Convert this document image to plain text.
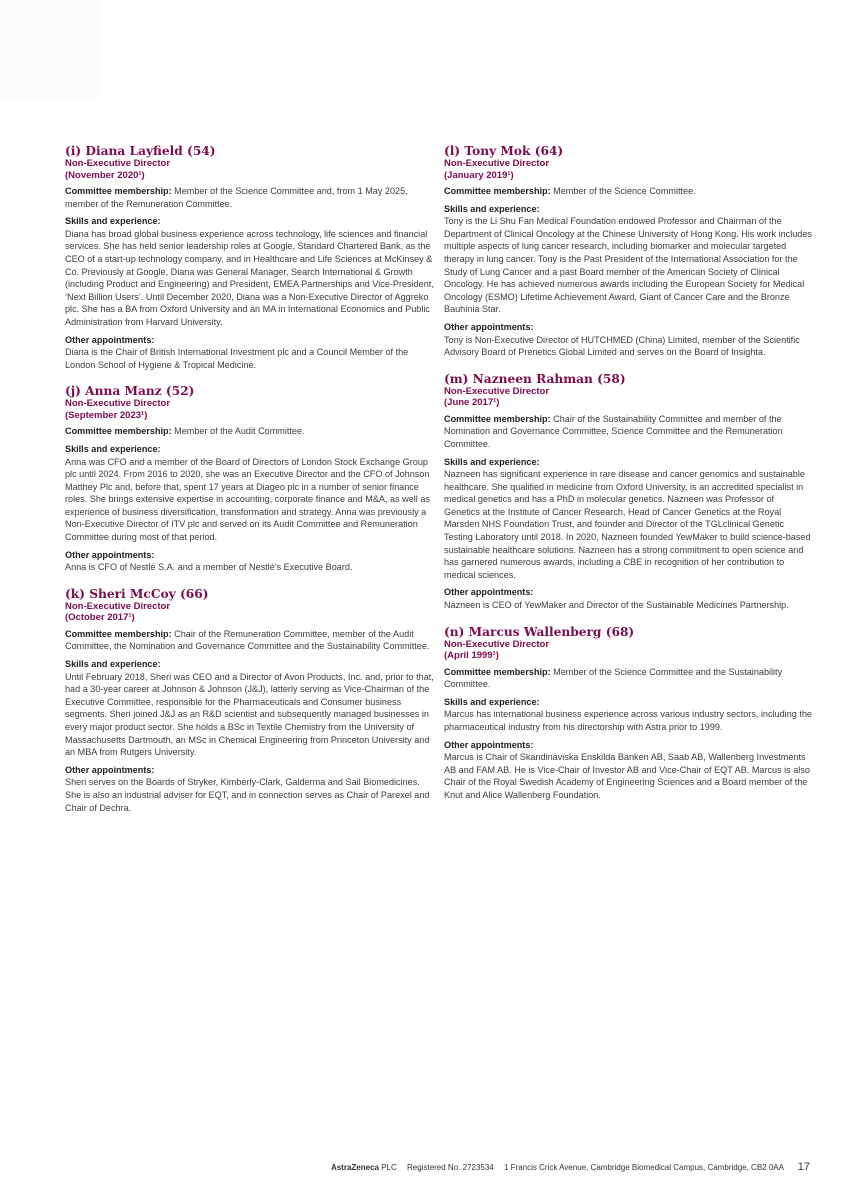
(i) Diana Layfield (54)

Non-Executive Director

(November 2020¹)

Committee membership: Member of the Science Committee and, from 1 May 2025, member of the Remuneration Committee.

Skills and experience:

Diana has broad global business experience across technology, life sciences and financial services. She has held senior leadership roles at Google, Standard Chartered Bank, as the CEO of a start-up technology company, and in Healthcare and Life Sciences at McKinsey & Co. Previously at Google, Diana was General Manager, Search International & Growth (including Product and Engineering) and President, EMEA Partnerships and Vice-President, ‘Next Billion Users’. Until December 2020, Diana was a Non-Executive Director of Aggreko plc. She has a BA from Oxford University and an MA in International Economics and Public Administration from Harvard University.

Other appointments:

Diana is the Chair of British International Investment plc and a Council Member of the London School of Hygiene & Tropical Medicine.

(j) Anna Manz (52)

Non-Executive Director

(September 2023¹)

Committee membership: Member of the Audit Committee.

Skills and experience:

Anna was CFO and a member of the Board of Directors of London Stock Exchange Group plc until 2024. From 2016 to 2020, she was an Executive Director and the CFO of Johnson Matthey Plc and, before that, spent 17 years at Diageo plc in a number of senior finance roles. She brings extensive expertise in accounting, corporate finance and M&A, as well as experience of business diversification, transformation and strategy. Anna was previously a Non-Executive Director of ITV plc and served on its Audit Committee and Remuneration Committee during most of that period.

Other appointments:

Anna is CFO of Nestlé S.A. and a member of Nestlé’s Executive Board.

(k) Sheri McCoy (66)

Non-Executive Director

(October 2017¹)

Committee membership: Chair of the Remuneration Committee, member of the Audit Committee, the Nomination and Governance Committee and the Sustainability Committee.

Skills and experience:

Until February 2018, Sheri was CEO and a Director of Avon Products, Inc. and, prior to that, had a 30-year career at Johnson & Johnson (J&J), latterly serving as Vice-Chairman of the Executive Committee, responsible for the Pharmaceuticals and Consumer business segments. Sheri joined J&J as an R&D scientist and subsequently managed businesses in every major product sector. She holds a BSc in Textile Chemistry from the University of Massachusetts Dartmouth, an MSc in Chemical Engineering from Princeton University and an MBA from Rutgers University.

Other appointments:

Sheri serves on the Boards of Stryker, Kimberly-Clark, Galderma and Sail Biomedicines. She is also an industrial adviser for EQT, and in connection serves as Chair of Parexel and Chair of Dechra.

(l) Tony Mok (64)

Non-Executive Director

(January 2019¹)

Committee membership: Member of the Science Committee.

Skills and experience:

Tony is the Li Shu Fan Medical Foundation endowed Professor and Chairman of the Department of Clinical Oncology at the Chinese University of Hong Kong. His work includes multiple aspects of lung cancer research, including biomarker and molecular targeted therapy in lung cancer. Tony is the Past President of the International Association for the Study of Lung Cancer and a past Board member of the American Society of Clinical Oncology. He has achieved numerous awards including the European Society for Medical Oncology (ESMO) Lifetime Achievement Award, Giant of Cancer Care and the Bronze Bauhinia Star.

Other appointments:

Tony is Non-Executive Director of HUTCHMED (China) Limited, member of the Scientific Advisory Board of Prenetics Global Limited and serves on the Board of Insighta.

(m) Nazneen Rahman (58)

Non-Executive Director

(June 2017¹)

Committee membership: Chair of the Sustainability Committee and member of the Nomination and Governance Committee, Science Committee and the Remuneration Committee.

Skills and experience:

Nazneen has significant experience in rare disease and cancer genomics and sustainable healthcare. She qualified in medicine from Oxford University, is an accredited specialist in medical genetics and has a PhD in molecular genetics. Nazneen was Professor of Genetics at the Institute of Cancer Research, Head of Cancer Genetics at the Royal Marsden NHS Foundation Trust, and founder and Director of the TGLclinical Genetic Testing Laboratory until 2018. In 2020, Nazneen founded YewMaker to build science-based sustainable healthcare solutions. Nazneen has a strong commitment to open science and has garnered numerous awards, including a CBE in recognition of her contribution to medical sciences.

Other appointments:

Nazneen is CEO of YewMaker and Director of the Sustainable Medicines Partnership.

(n) Marcus Wallenberg (68)

Non-Executive Director

(April 1999¹)

Committee membership: Member of the Science Committee and the Sustainability Committee.

Skills and experience:

Marcus has international business experience across various industry sectors, including the pharmaceutical industry from his directorship with Astra prior to 1999.

Other appointments:

Marcus is Chair of Skandinaviska Enskilda Banken AB, Saab AB, Wallenberg Investments AB and FAM AB. He is Vice-Chair of Investor AB and Vice-Chair of EQT AB. Marcus is also Chair of the Royal Swedish Academy of Engineering Sciences and a Board member of the Knut and Alice Wallenberg Foundation.

AstraZeneca PLC Registered No. 2723534 1 Francis Crick Avenue, Cambridge Biomedical Campus, Cambridge, CB2 0AA 17
